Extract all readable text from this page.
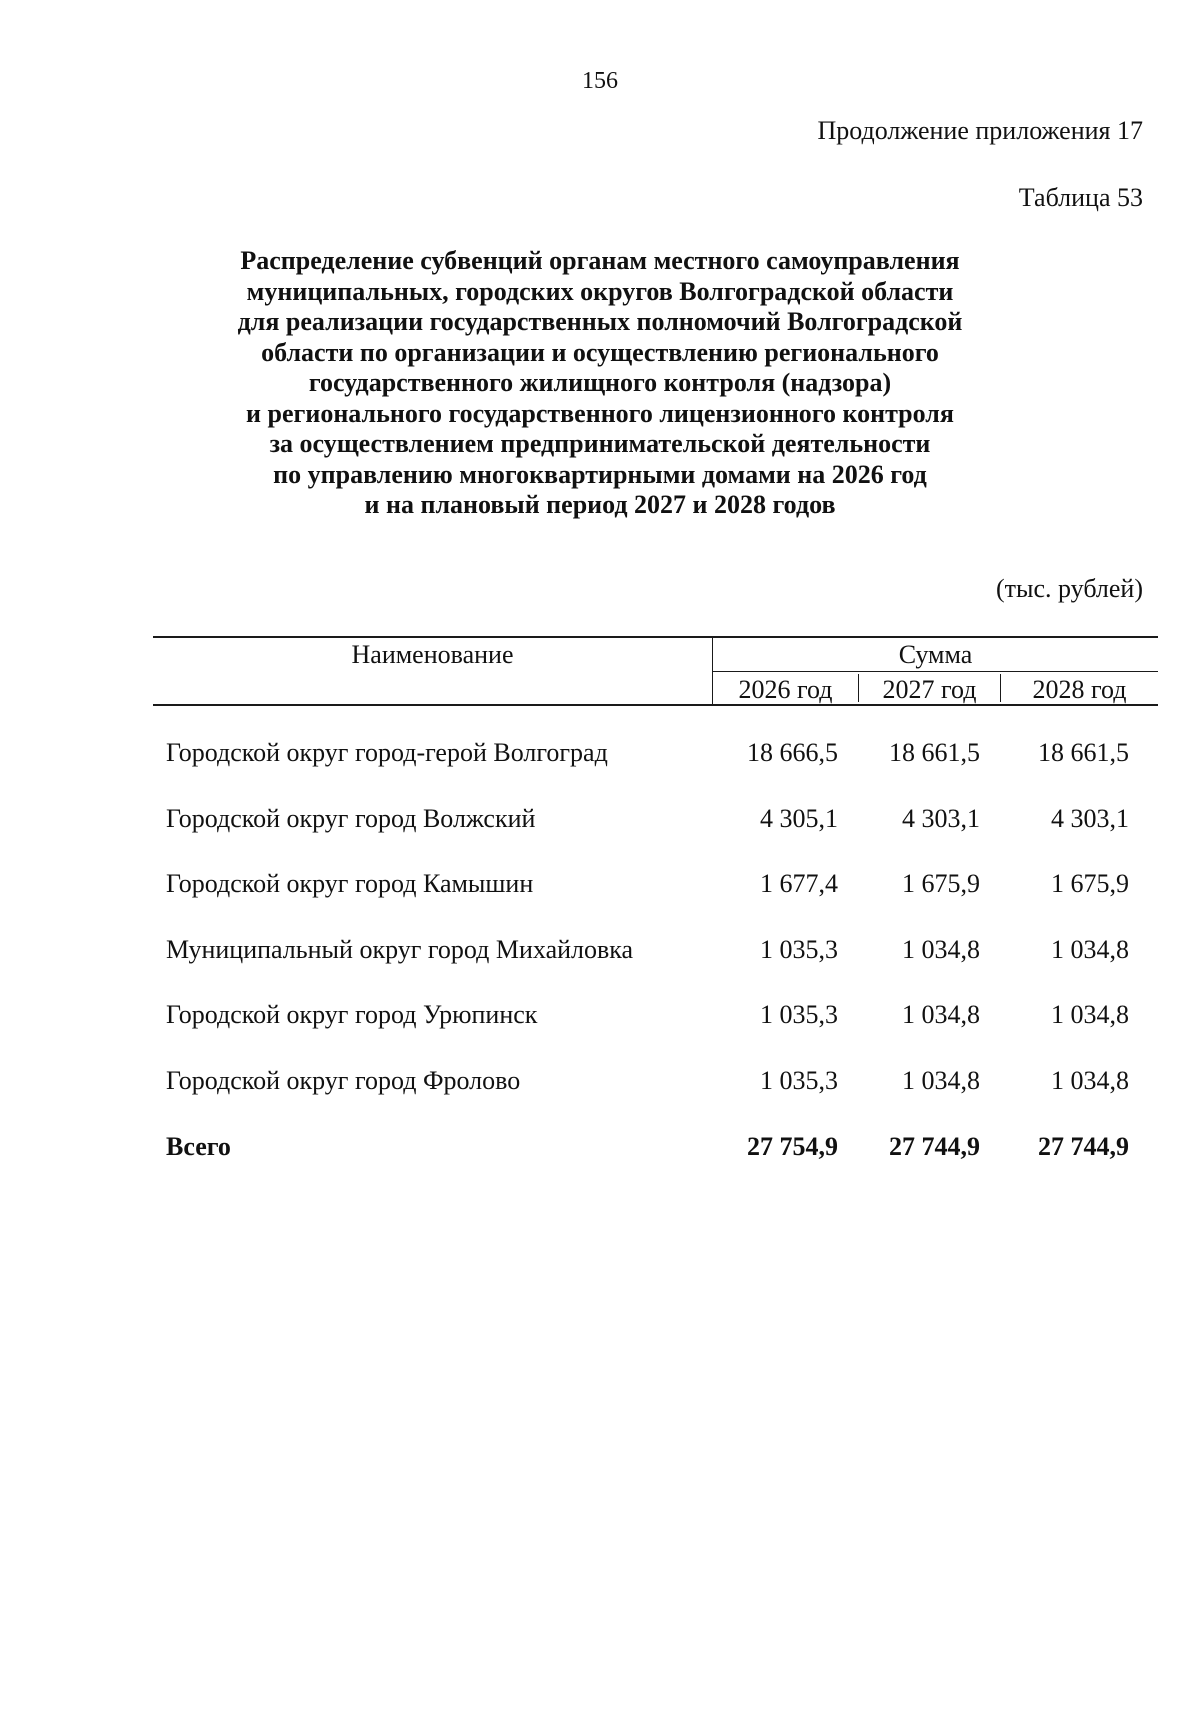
156
Продолжение приложения 17
Таблица 53
Распределение субвенций органам местного самоуправления
муниципальных, городских округов Волгоградской области
для реализации государственных полномочий Волгоградской
области по организации и осуществлению регионального
государственного жилищного контроля (надзора)
и регионального государственного лицензионного контроля
за осуществлением предпринимательской деятельности
по управлению многоквартирными домами на 2026 год
и на плановый период 2027 и 2028 годов
(тыс. рублей)
Наименование	Сумма
2026 год	2027 год	2028 год
Городской округ город-герой Волгоград	18 666,5	18 661,5	18 661,5
Городской округ город Волжский	4 305,1	4 303,1	4 303,1
Городской округ город Камышин	1 677,4	1 675,9	1 675,9
Муниципальный округ город Михайловка	1 035,3	1 034,8	1 034,8
Городской округ город Урюпинск	1 035,3	1 034,8	1 034,8
Городской округ город Фролово	1 035,3	1 034,8	1 034,8
Всего	27 754,9	27 744,9	27 744,9
